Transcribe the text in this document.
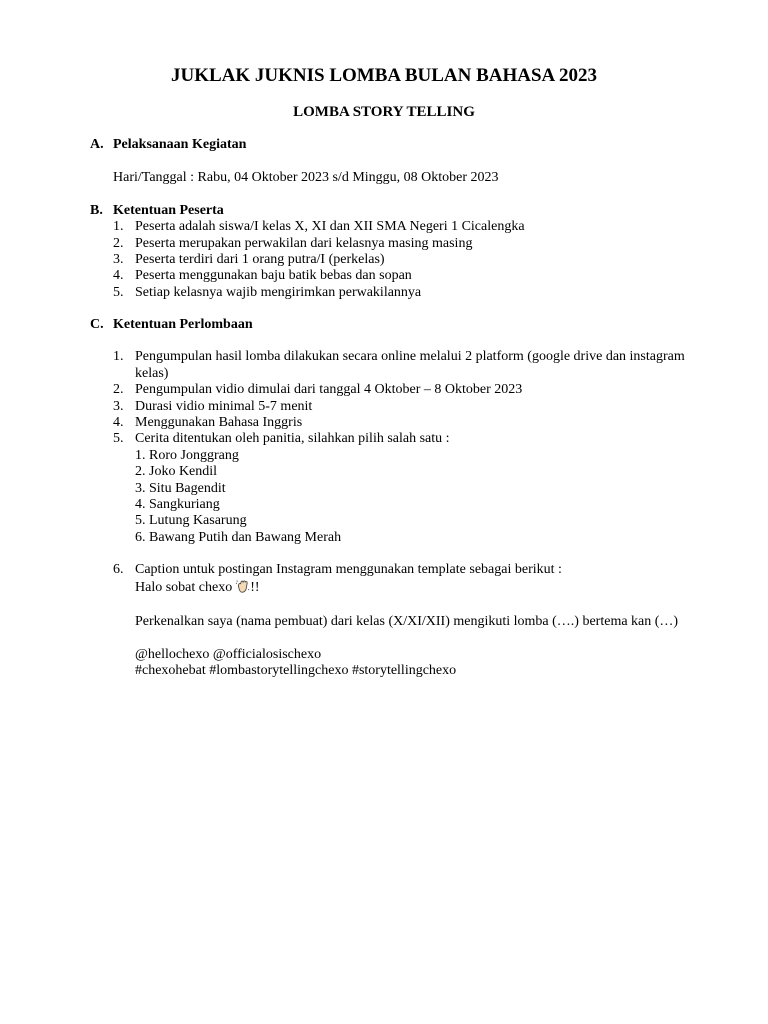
JUKLAK JUKNIS LOMBA BULAN BAHASA 2023
LOMBA STORY TELLING
A. Pelaksanaan Kegiatan
Hari/Tanggal : Rabu, 04 Oktober 2023 s/d Minggu, 08 Oktober 2023
B. Ketentuan Peserta
1. Peserta adalah siswa/I kelas X, XI dan XII SMA Negeri 1 Cicalengka
2. Peserta merupakan perwakilan dari kelasnya masing masing
3. Peserta terdiri dari 1 orang putra/I (perkelas)
4. Peserta menggunakan baju batik bebas dan sopan
5. Setiap kelasnya wajib mengirimkan perwakilannya
C. Ketentuan Perlombaan
1. Pengumpulan hasil lomba dilakukan secara online melalui 2 platform (google drive dan instagram
kelas)
2. Pengumpulan vidio dimulai dari tanggal 4 Oktober – 8 Oktober 2023
3. Durasi vidio minimal 5-7 menit
4. Menggunakan Bahasa Inggris
5. Cerita ditentukan oleh panitia, silahkan pilih salah satu :
1. Roro Jonggrang
2. Joko Kendil
3. Situ Bagendit
4. Sangkuriang
5. Lutung Kasarung
6. Bawang Putih dan Bawang Merah
6. Caption untuk postingan Instagram menggunakan template sebagai berikut :
Halo sobat chexo !!
Perkenalkan saya (nama pembuat) dari kelas (X/XI/XII) mengikuti lomba (….) bertema kan (…)
@hellochexo @officialosischexo
#chexohebat #lombastorytellingchexo #storytellingchexo
